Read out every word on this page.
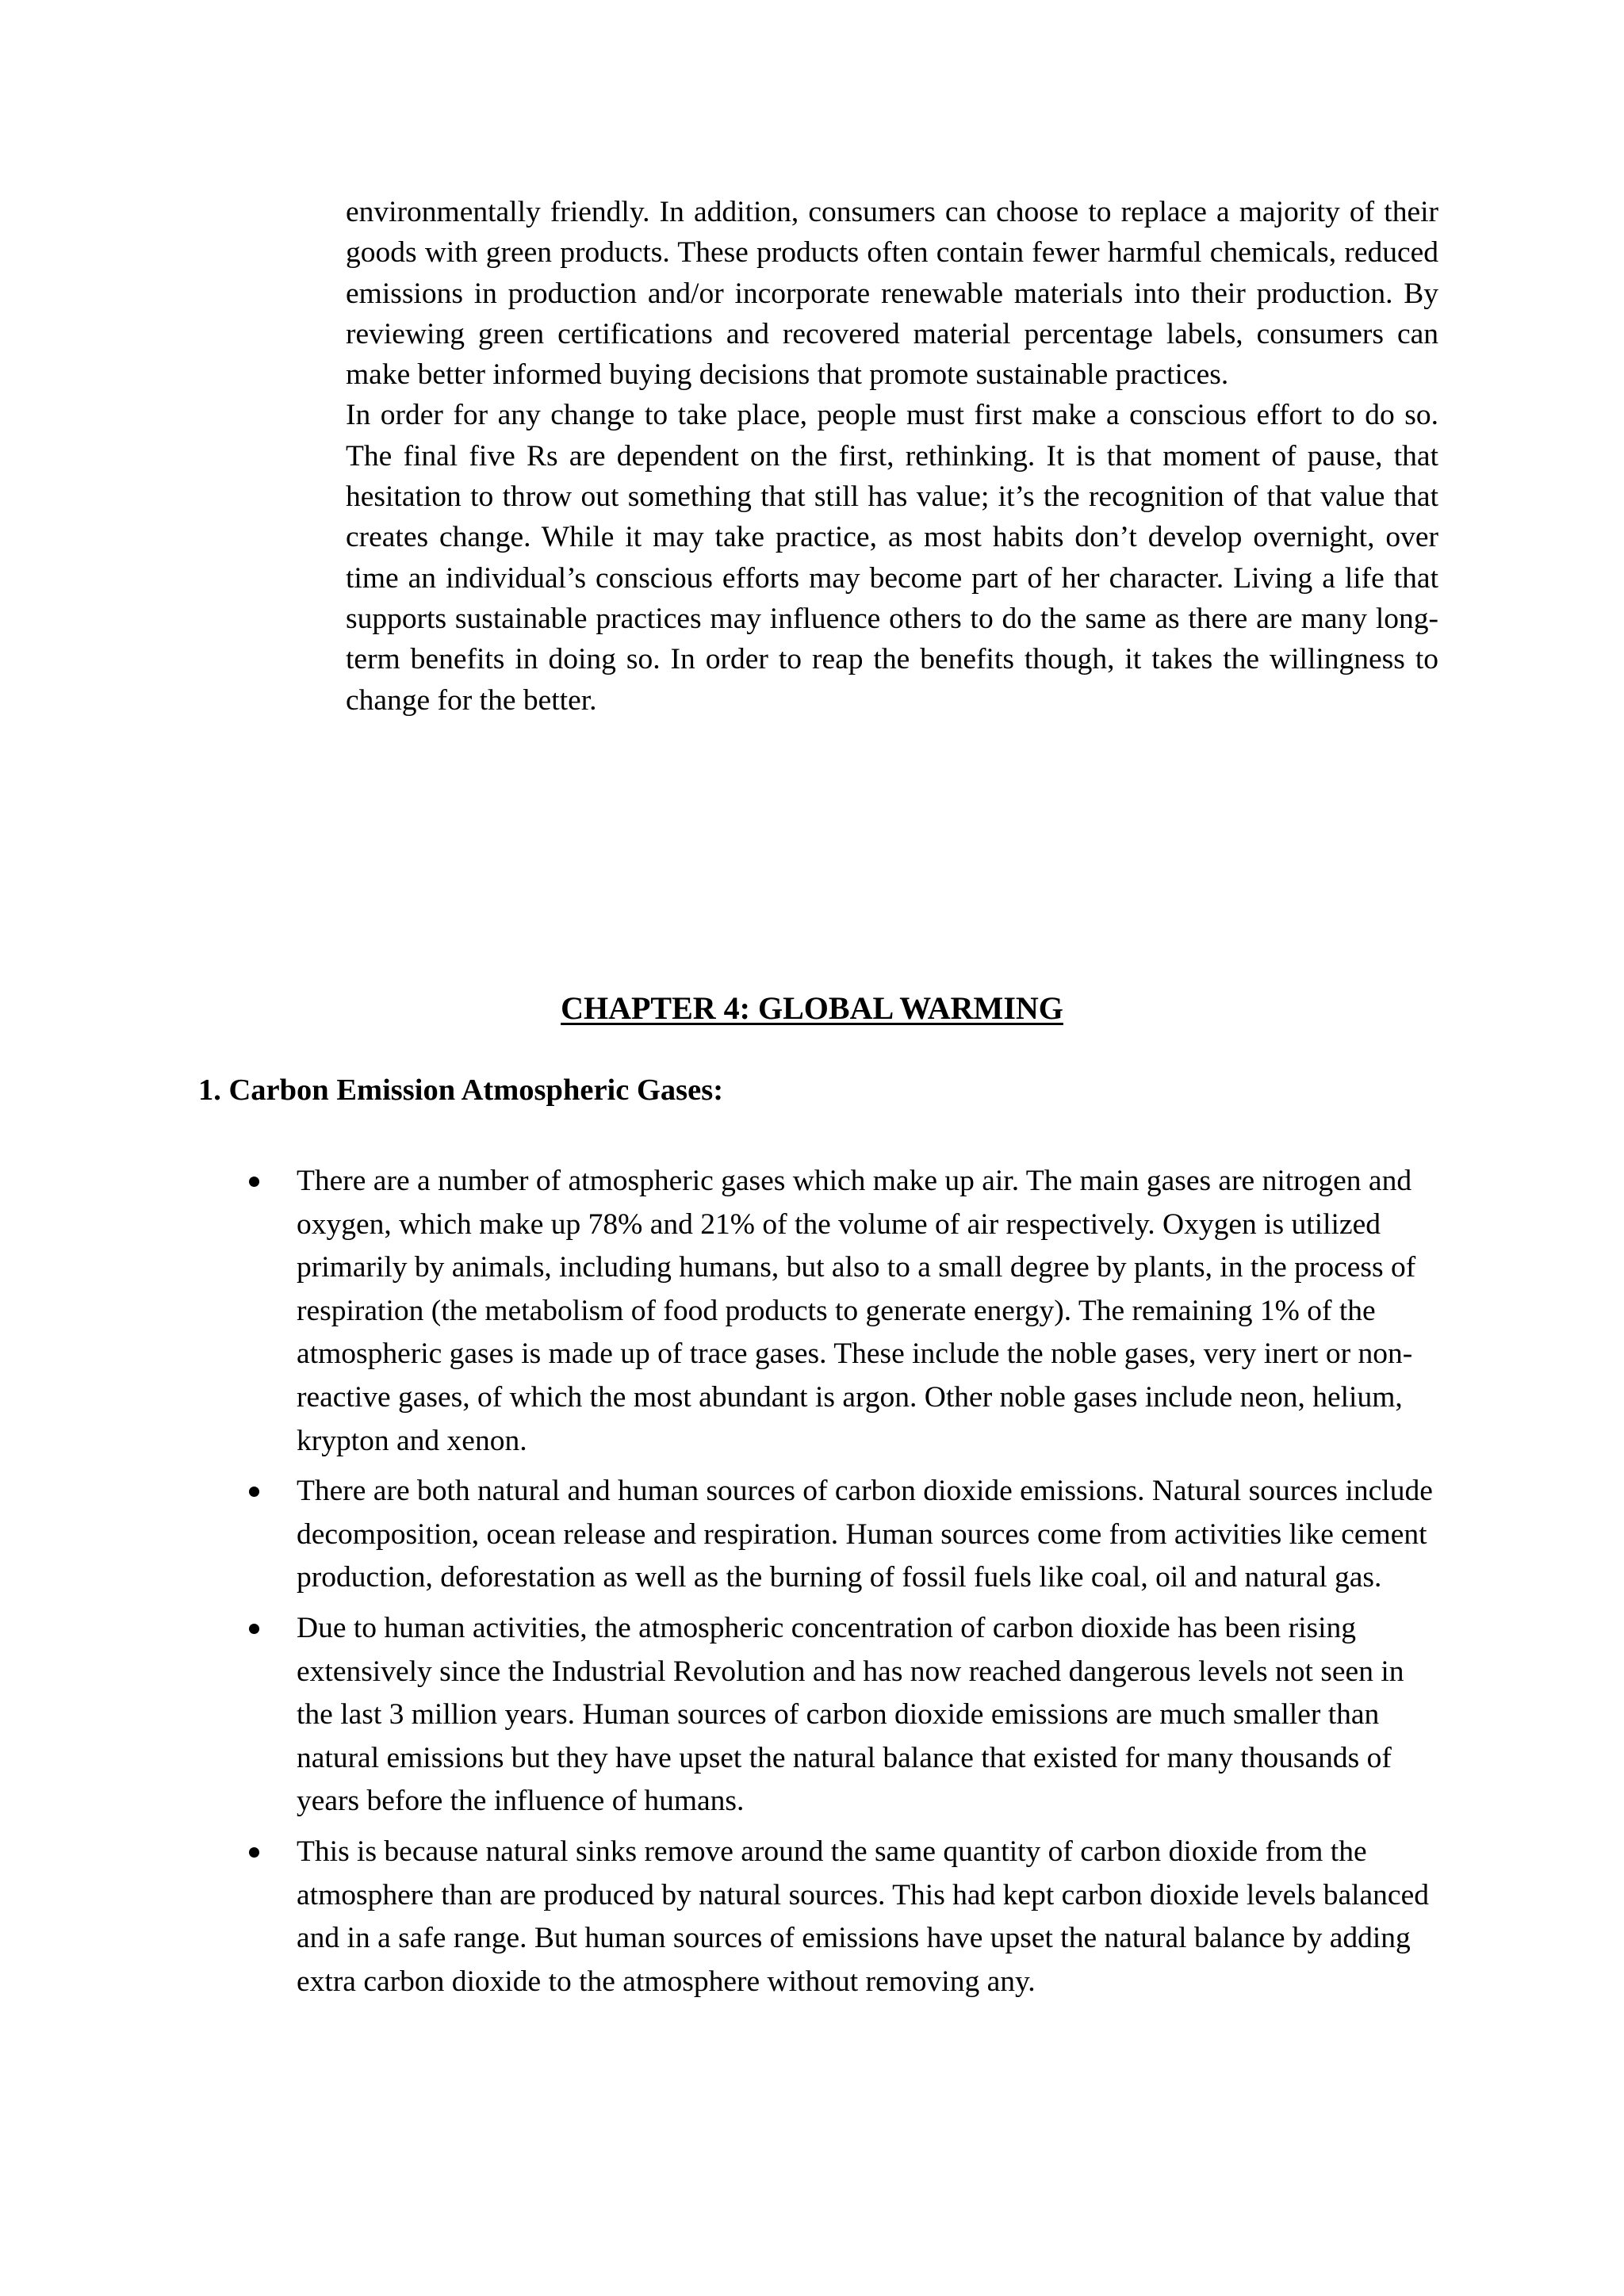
environmentally friendly. In addition, consumers can choose to replace a majority of their goods with green products. These products often contain fewer harmful chemicals, reduced emissions in production and/or incorporate renewable materials into their production. By reviewing green certifications and recovered material percentage labels, consumers can make better informed buying decisions that promote sustainable practices.

In order for any change to take place, people must first make a conscious effort to do so. The final five Rs are dependent on the first, rethinking. It is that moment of pause, that hesitation to throw out something that still has value; it’s the recognition of that value that creates change. While it may take practice, as most habits don’t develop overnight, over time an individual’s conscious efforts may become part of her character. Living a life that supports sustainable practices may influence others to do the same as there are many long-term benefits in doing so. In order to reap the benefits though, it takes the willingness to change for the better.

CHAPTER 4: GLOBAL WARMING
1. Carbon Emission Atmospheric Gases:
There are a number of atmospheric gases which make up air. The main gases are nitrogen and oxygen, which make up 78% and 21% of the volume of air respectively. Oxygen is utilized primarily by animals, including humans, but also to a small degree by plants, in the process of respiration (the metabolism of food products to generate energy). The remaining 1% of the atmospheric gases is made up of trace gases. These include the noble gases, very inert or non-reactive gases, of which the most abundant is argon. Other noble gases include neon, helium, krypton and xenon.
There are both natural and human sources of carbon dioxide emissions. Natural sources include decomposition, ocean release and respiration. Human sources come from activities like cement production, deforestation as well as the burning of fossil fuels like coal, oil and natural gas.
Due to human activities, the atmospheric concentration of carbon dioxide has been rising extensively since the Industrial Revolution and has now reached dangerous levels not seen in the last 3 million years. Human sources of carbon dioxide emissions are much smaller than natural emissions but they have upset the natural balance that existed for many thousands of years before the influence of humans.
This is because natural sinks remove around the same quantity of carbon dioxide from the atmosphere than are produced by natural sources. This had kept carbon dioxide levels balanced and in a safe range. But human sources of emissions have upset the natural balance by adding extra carbon dioxide to the atmosphere without removing any.
